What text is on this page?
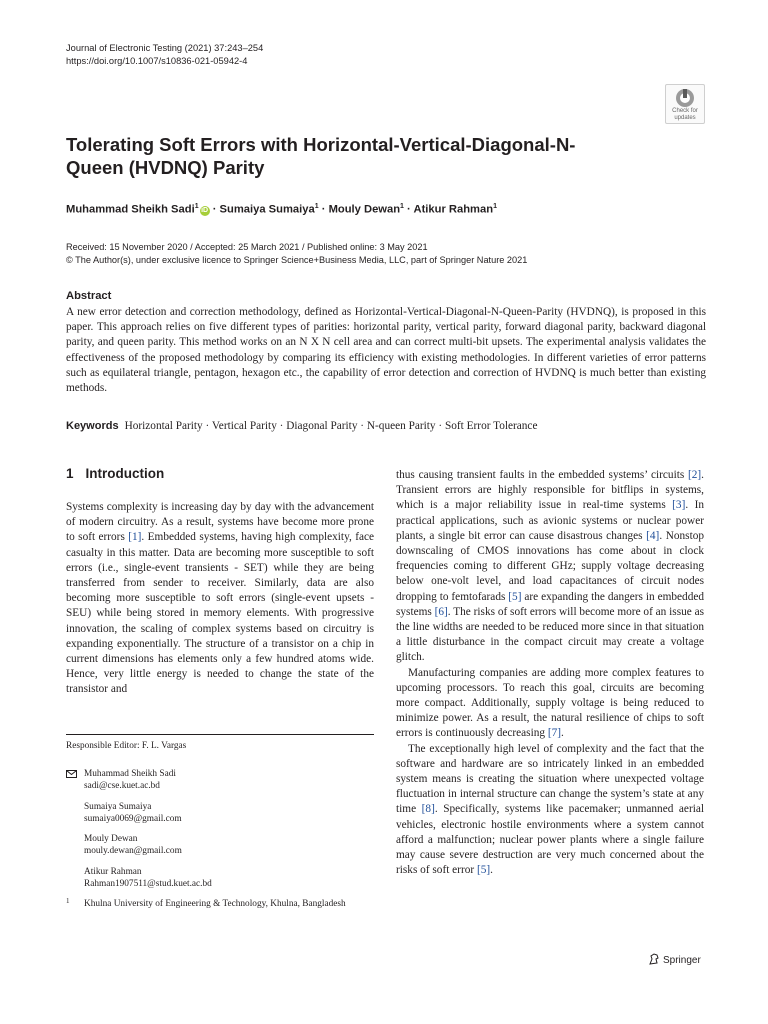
Journal of Electronic Testing (2021) 37:243–254
https://doi.org/10.1007/s10836-021-05942-4
Check for
updates
Tolerating Soft Errors with Horizontal-Vertical-Diagonal-N-Queen (HVDNQ) Parity
Muhammad Sheikh Sadi$^1$iD · Sumaiya Sumaiya$^1$ · Mouly Dewan$^1$ · Atikur Rahman$^1$
Received: 15 November 2020 / Accepted: 25 March 2021 / Published online: 3 May 2021
© The Author(s), under exclusive licence to Springer Science+Business Media, LLC, part of Springer Nature 2021
Abstract
A new error detection and correction methodology, defined as Horizontal-Vertical-Diagonal-N-Queen-Parity (HVDNQ), is proposed in this paper. This approach relies on five different types of parities: horizontal parity, vertical parity, forward diagonal parity, backward diagonal parity, and queen parity. This method works on an N X N cell area and can correct multi-bit upsets. The experimental analysis validates the effectiveness of the proposed methodology by comparing its efficiency with existing methodologies. In different varieties of error patterns such as equilateral triangle, pentagon, hexagon etc., the capability of error detection and correction of HVDNQ is much better than existing methods.
Keywords Horizontal Parity · Vertical Parity · Diagonal Parity · N-queen Parity · Soft Error Tolerance
1 Introduction

Systems complexity is increasing day by day with the advancement of modern circuitry. As a result, systems have become more prone to soft errors [1]. Embedded systems, having high complexity, face casualty in this matter. Data are becoming more susceptible to soft errors (i.e., single-event transients - SET) while they are being transferred from sender to receiver. Similarly, data are also becoming more susceptible to soft errors (single-event upsets - SEU) while being stored in memory elements. With progressive innovation, the scaling of complex systems based on circuitry is expanding exponentially. The structure of a transistor on a chip in current dimensions has elements only a few hundred atoms wide. Hence, very little energy is needed to change the state of the transistor and

thus causing transient faults in the embedded systems’ circuits [2]. Transient errors are highly responsible for bitflips in systems, which is a major reliability issue in real-time systems [3]. In practical applications, such as avionic systems or nuclear power plants, a single bit error can cause disastrous changes [4]. Nonstop downscaling of CMOS innovations has come about in clock frequencies coming to different GHz; supply voltage decreasing below one-volt level, and load capacitances of circuit nodes dropping to femtofarads [5] are expanding the dangers in embedded systems [6]. The risks of soft errors will become more of an issue as the line widths are needed to be reduced more since in that situation a little disturbance in the compact circuit may create a voltage glitch.

Manufacturing companies are adding more complex features to upcoming processors. To reach this goal, circuits are becoming more compact. Additionally, supply voltage is being reduced to minimize power. As a result, the natural resilience of chips to soft errors is continuously decreasing [7].

The exceptionally high level of complexity and the fact that the software and hardware are so intricately linked in an embedded system means is creating the situation where unexpected voltage fluctuation in internal structure can change the system’s state at any time [8]. Specifically, systems like pacemaker; unmanned aerial vehicles, electronic hostile environments where a system cannot afford a malfunction; nuclear power plants where a single failure may cause severe destruction are very much concerned about the risks of soft error [5].

Responsible Editor: F. L. Vargas
Muhammad Sheikh Sadi
sadi@cse.kuet.ac.bd
Sumaiya Sumaiya
sumaiya0069@gmail.com
Mouly Dewan
mouly.dewan@gmail.com
Atikur Rahman
Rahman1907511@stud.kuet.ac.bd
1 Khulna University of Engineering & Technology, Khulna, Bangladesh
Springer
